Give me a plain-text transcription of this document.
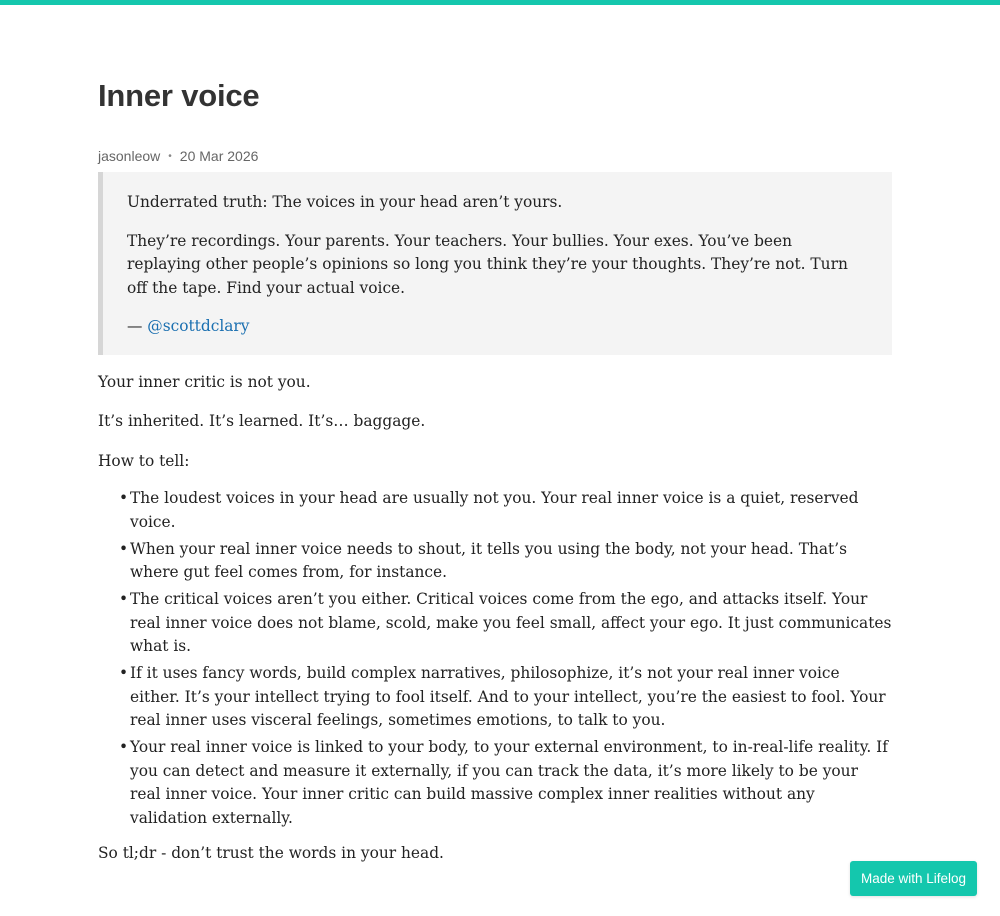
Inner voice
jasonleow • 20 Mar 2026

Underrated truth: The voices in your head aren’t yours.

They’re recordings. Your parents. Your teachers. Your bullies. Your exes. You’ve been replaying other people’s opinions so long you think they’re your thoughts. They’re not. Turn off the tape. Find your actual voice.

— @scottdclary

Your inner critic is not you.

It’s inherited. It’s learned. It’s… baggage.

How to tell:

• The loudest voices in your head are usually not you. Your real inner voice is a quiet, reserved voice.
• When your real inner voice needs to shout, it tells you using the body, not your head. That’s where gut feel comes from, for instance.
• The critical voices aren’t you either. Critical voices come from the ego, and attacks itself. Your real inner voice does not blame, scold, make you feel small, affect your ego. It just communicates what is.
• If it uses fancy words, build complex narratives, philosophize, it’s not your real inner voice either. It’s your intellect trying to fool itself. And to your intellect, you’re the easiest to fool. Your real inner uses visceral feelings, sometimes emotions, to talk to you.
• Your real inner voice is linked to your body, to your external environment, to in-real-life reality. If you can detect and measure it externally, if you can track the data, it’s more likely to be your real inner voice. Your inner critic can build massive complex inner realities without any validation externally.

So tl;dr - don’t trust the words in your head.

Made with Lifelog
